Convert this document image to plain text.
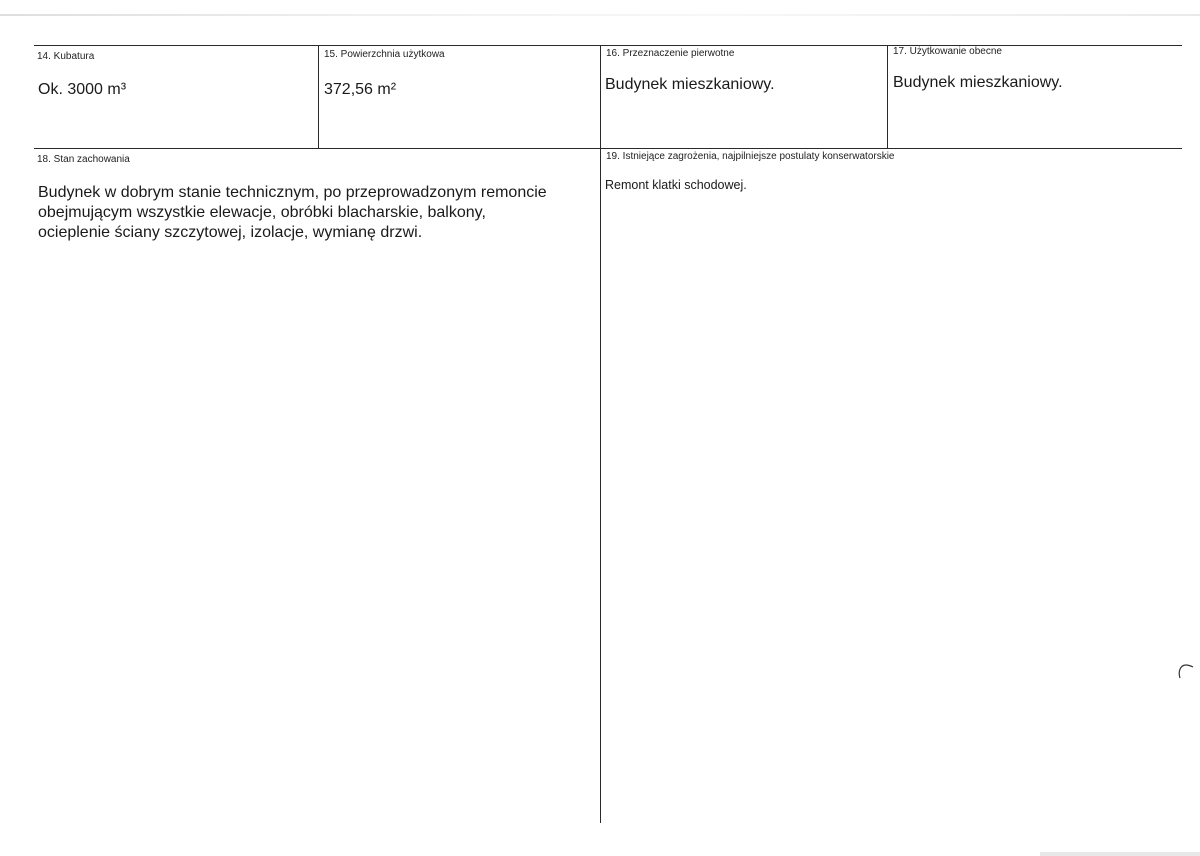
14. Kubatura
Ok. 3000 m³
15. Powierzchnia użytkowa
372,56 m²
16. Przeznaczenie pierwotne
Budynek mieszkaniowy.
17. Użytkowanie obecne
Budynek mieszkaniowy.
18. Stan zachowania
Budynek w dobrym stanie technicznym, po przeprowadzonym remoncie
obejmującym wszystkie elewacje, obróbki blacharskie, balkony,
ocieplenie ściany szczytowej, izolacje, wymianę drzwi.
19. Istniejące zagrożenia, najpilniejsze postulaty konserwatorskie
Remont klatki schodowej.
